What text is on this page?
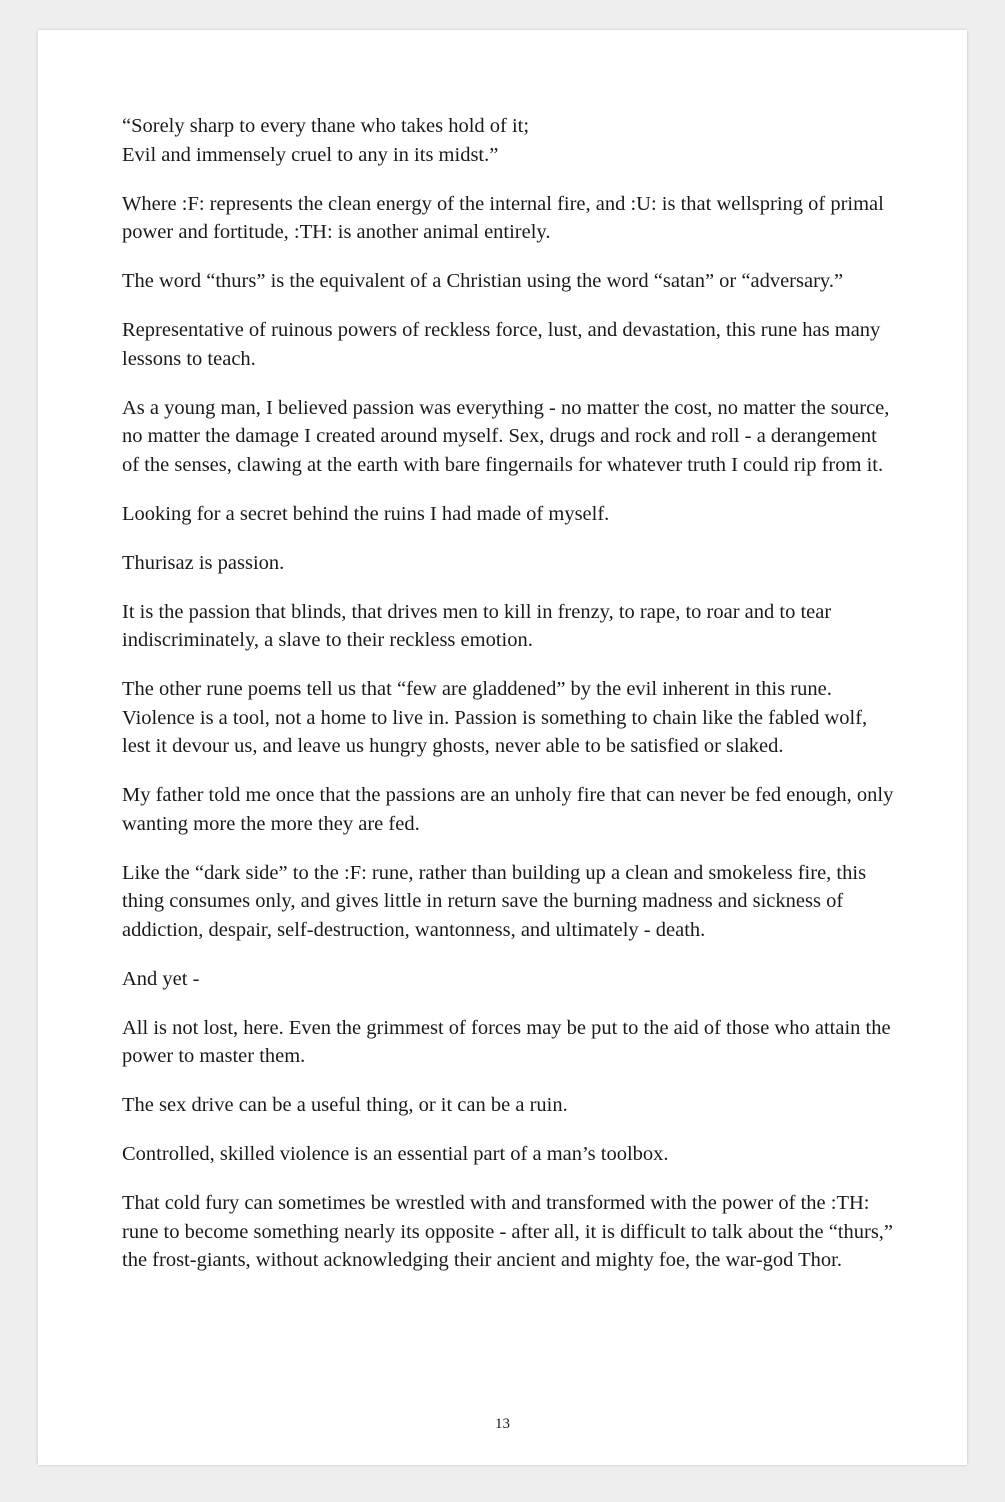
“Sorely sharp to every thane who takes hold of it;
Evil and immensely cruel to any in its midst.”

Where :F: represents the clean energy of the internal fire, and :U: is that wellspring of primal power and fortitude, :TH: is another animal entirely.

The word “thurs” is the equivalent of a Christian using the word “satan” or “adversary.”

Representative of ruinous powers of reckless force, lust, and devastation, this rune has many lessons to teach.

As a young man, I believed passion was everything - no matter the cost, no matter the source, no matter the damage I created around myself. Sex, drugs and rock and roll - a derangement of the senses, clawing at the earth with bare fingernails for whatever truth I could rip from it.

Looking for a secret behind the ruins I had made of myself.

Thurisaz is passion.

It is the passion that blinds, that drives men to kill in frenzy, to rape, to roar and to tear indiscriminately, a slave to their reckless emotion.

The other rune poems tell us that “few are gladdened” by the evil inherent in this rune. Violence is a tool, not a home to live in. Passion is something to chain like the fabled wolf, lest it devour us, and leave us hungry ghosts, never able to be satisfied or slaked.

My father told me once that the passions are an unholy fire that can never be fed enough, only wanting more the more they are fed.

Like the “dark side” to the :F: rune, rather than building up a clean and smokeless fire, this thing consumes only, and gives little in return save the burning madness and sickness of addiction, despair, self-destruction, wantonness, and ultimately - death.

And yet -

All is not lost, here. Even the grimmest of forces may be put to the aid of those who attain the power to master them.

The sex drive can be a useful thing, or it can be a ruin.

Controlled, skilled violence is an essential part of a man’s toolbox.

That cold fury can sometimes be wrestled with and transformed with the power of the :TH: rune to become something nearly its opposite - after all, it is difficult to talk about the “thurs,” the frost-giants, without acknowledging their ancient and mighty foe, the war-god Thor.

13
